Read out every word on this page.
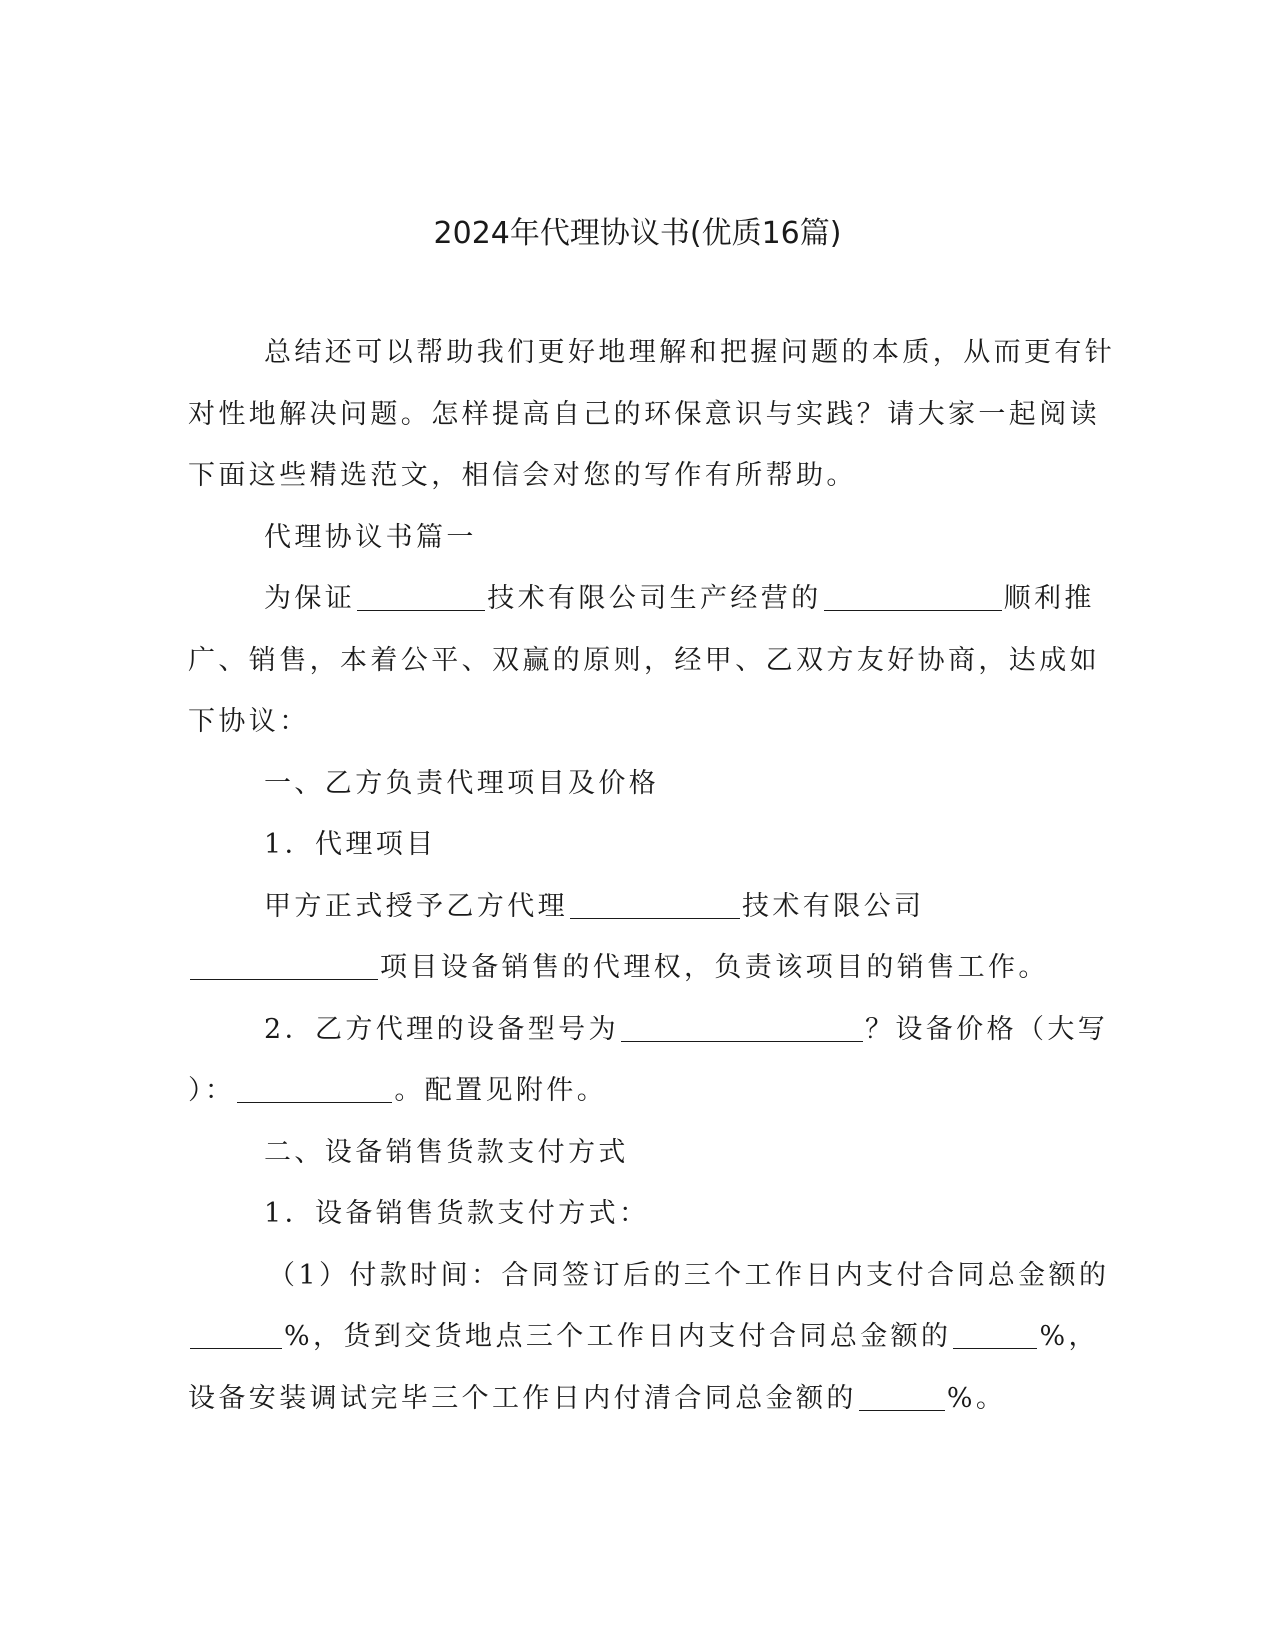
2024年代理协议书(优质16篇)
总结还可以帮助我们更好地理解和把握问题的本质，从而更有针
对性地解决问题。怎样提高自己的环保意识与实践？请大家一起阅读
下面这些精选范文，相信会对您的写作有所帮助。
代理协议书篇一
为保证	技术有限公司生产经营的	顺利推
广、销售，本着公平、双赢的原则，经甲、乙双方友好协商，达成如
下协议：
一、乙方负责代理项目及价格
1．代理项目
甲方正式授予乙方代理	技术有限公司
项目设备销售的代理权，负责该项目的销售工作。
2．乙方代理的设备型号为	？设备价格（大写
）：	。配置见附件。
二、设备销售货款支付方式
1．设备销售货款支付方式：
（1）付款时间：合同签订后的三个工作日内支付合同总金额的
%，货到交货地点三个工作日内支付合同总金额的	%，
设备安装调试完毕三个工作日内付清合同总金额的	%。
